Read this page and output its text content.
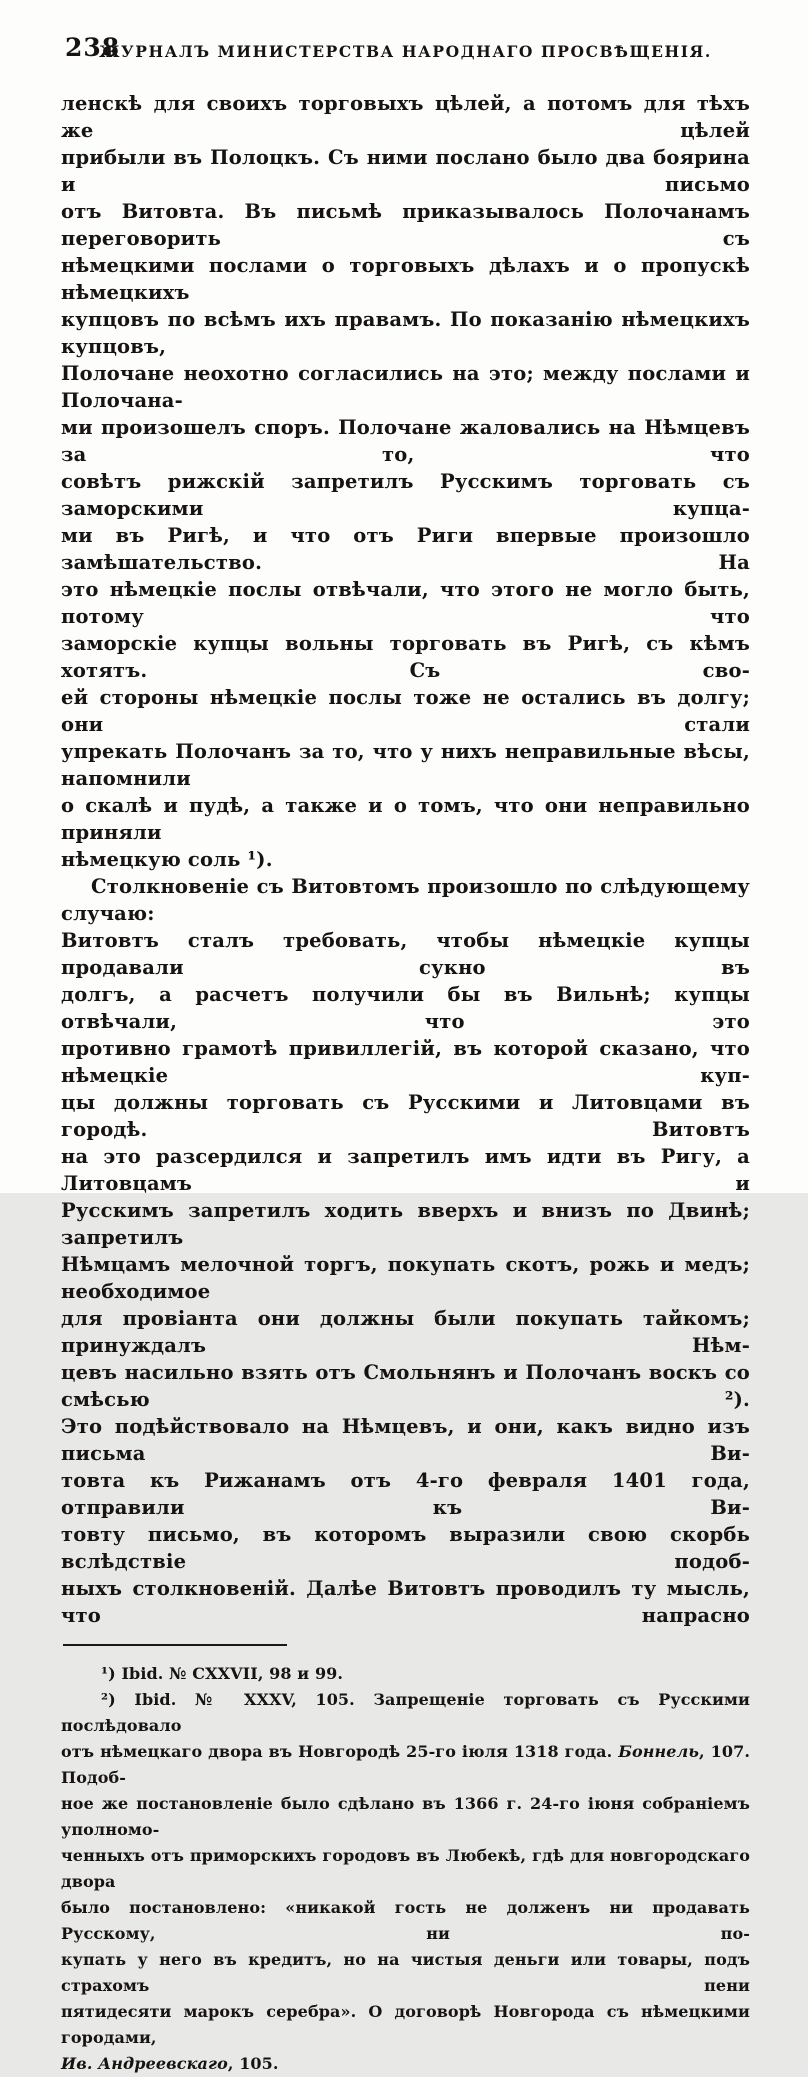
238
ЖУРНАЛЪ МИНИСТЕРСТВА НАРОДНАГО ПРОСВѢЩЕНІЯ.
ленскѣ для своихъ торговыхъ цѣлей, а потомъ для тѣхъ же цѣлей
прибыли въ Полоцкъ. Съ ними послано было два боярина и письмо
отъ Витовта. Въ письмѣ приказывалось Полочанамъ переговорить съ
нѣмецкими послами о торговыхъ дѣлахъ и о пропускѣ нѣмецкихъ
купцовъ по всѣмъ ихъ правамъ. По показанію нѣмецкихъ купцовъ,
Полочане неохотно согласились на это; между послами и Полочана-
ми произошелъ споръ. Полочане жаловались на Нѣмцевъ за то, что
совѣтъ рижскій запретилъ Русскимъ торговать съ заморскими купца-
ми въ Ригѣ, и что отъ Риги впервые произошло замѣшательство. На
это нѣмецкіе послы отвѣчали, что этого не могло быть, потому что
заморскіе купцы вольны торговать въ Ригѣ, съ кѣмъ хотятъ. Съ сво-
ей стороны нѣмецкіе послы тоже не остались въ долгу; они стали
упрекать Полочанъ за то, что у нихъ неправильные вѣсы, напомнили
о скалѣ и пудѣ, а также и о томъ, что они неправильно приняли
нѣмецкую соль ¹).
Столкновеніе съ Витовтомъ произошло по слѣдующему случаю:
Витовтъ сталъ требовать, чтобы нѣмецкіе купцы продавали сукно въ
долгъ, а расчетъ получили бы въ Вильнѣ; купцы отвѣчали, что это
противно грамотѣ привиллегій, въ которой сказано, что нѣмецкіе куп-
цы должны торговать съ Русскими и Литовцами въ городѣ. Витовтъ
на это разсердился и запретилъ имъ идти въ Ригу, а Литовцамъ и
Русскимъ запретилъ ходить вверхъ и внизъ по Двинѣ; запретилъ
Нѣмцамъ мелочной торгъ, покупать скотъ, рожь и медъ; необходимое
для провіанта они должны были покупать тайкомъ; принуждалъ Нѣм-
цевъ насильно взять отъ Смольнянъ и Полочанъ воскъ со смѣсью ²).
Это подѣйствовало на Нѣмцевъ, и они, какъ видно изъ письма Ви-
товта къ Рижанамъ отъ 4-го февраля 1401 года, отправили къ Ви-
товту письмо, въ которомъ выразили свою скорбь вслѣдствіе подоб-
ныхъ столкновеній. Далѣе Витовтъ проводилъ ту мысль, что напрасно
¹) Ibid. № CXXVII, 98 и 99.
²) Ibid. № XXXV, 105. Запрещеніе торговать съ Русскими послѣдовало
отъ нѣмецкаго двора въ Новгородѣ 25-го іюля 1318 года. Боннель, 107. Подоб-
ное же постановленіе было сдѣлано въ 1366 г. 24-го іюня собраніемъ уполномо-
ченныхъ отъ приморскихъ городовъ въ Любекѣ, гдѣ для новгородскаго двора
было постановлено: «никакой гость не долженъ ни продавать Русскому, ни по-
купать у него въ кредитъ, но на чистыя деньги или товары, подъ страхомъ пени
пятидесяти марокъ серебра». О договорѣ Новгорода съ нѣмецкими городами,
Ив. Андреевскаго, 105.
